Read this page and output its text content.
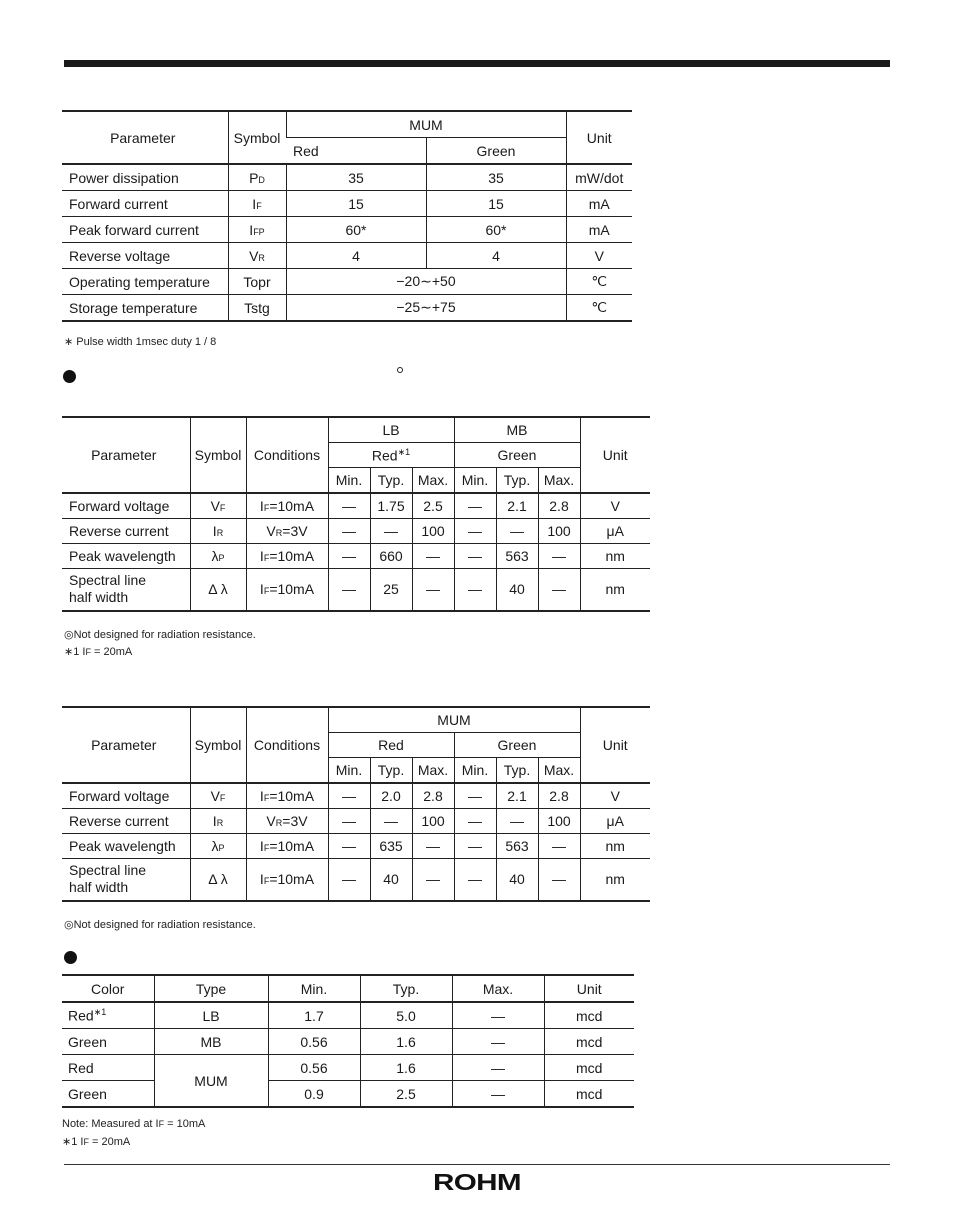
Parameter	Symbol	MUM		Unit
		Red	Green	
Power dissipation	PD	35	35	mW/dot
Forward current	IF	15	15	mA
Peak forward current	IFP	60*	60*	mA
Reverse voltage	VR	4	4	V
Operating temperature	Topr	−20∼+50		℃
Storage temperature	Tstg	−25∼+75		℃
∗ Pulse width 1msec duty 1 / 8
Parameter	Symbol	Conditions	LB			MB			Unit
			Red$^{∗1}$			Green			
			Min.	Typ.	Max.	Min.	Typ.	Max.	
Forward voltage	VF	IF=10mA	—	1.75	2.5	—	2.1	2.8	V
Reverse current	IR	VR=3V	—	—	100	—	—	100	μA
Peak wavelength	λP	IF=10mA	—	660	—	—	563	—	nm
Spectral line
half width	Δ λ	IF=10mA	—	25	—	—	40	—	nm
◎Not designed for radiation resistance.
∗1 IF = 20mA
Parameter	Symbol	Conditions	MUM						Unit
			Red			Green			
			Min.	Typ.	Max.	Min.	Typ.	Max.	
Forward voltage	VF	IF=10mA	—	2.0	2.8	—	2.1	2.8	V
Reverse current	IR	VR=3V	—	—	100	—	—	100	μA
Peak wavelength	λP	IF=10mA	—	635	—	—	563	—	nm
Spectral line
half width	Δ λ	IF=10mA	—	40	—	—	40	—	nm
◎Not designed for radiation resistance.
Color	Type	Min.	Typ.	Max.	Unit
Red$^{∗1}$	LB	1.7	5.0	—	mcd
Green	MB	0.56	1.6	—	mcd
Red	MUM	0.56	1.6	—	mcd
Green		0.9	2.5	—	mcd
Note: Measured at IF = 10mA
∗1 IF = 20mA
ROHM
